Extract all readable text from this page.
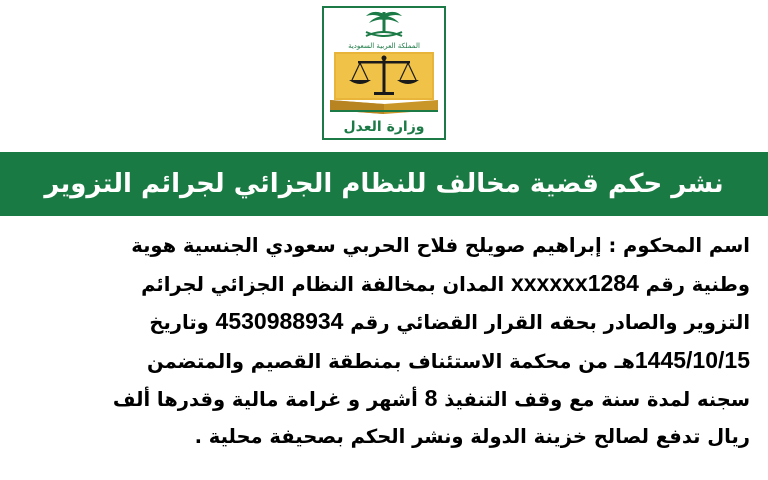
المملكة العربية السعودية
وزارة العدل
نشر حكم قضية مخالف للنظام الجزائي لجرائم التزوير
اسم المحكوم : إبراهيم صويلح فلاح الحربي سعودي الجنسية هوية
وطنية رقم xxxxxx1284 المدان بمخالفة النظام الجزائي لجرائم
التزوير والصادر بحقه القرار القضائي رقم 4530988934 وتاريخ
1445/10/15هـ من محكمة الاستئناف بمنطقة القصيم والمتضمن
سجنه لمدة سنة مع وقف التنفيذ 8 أشهر و غرامة مالية وقدرها ألف
ريال تدفع لصالح خزينة الدولة ونشر الحكم بصحيفة محلية .
